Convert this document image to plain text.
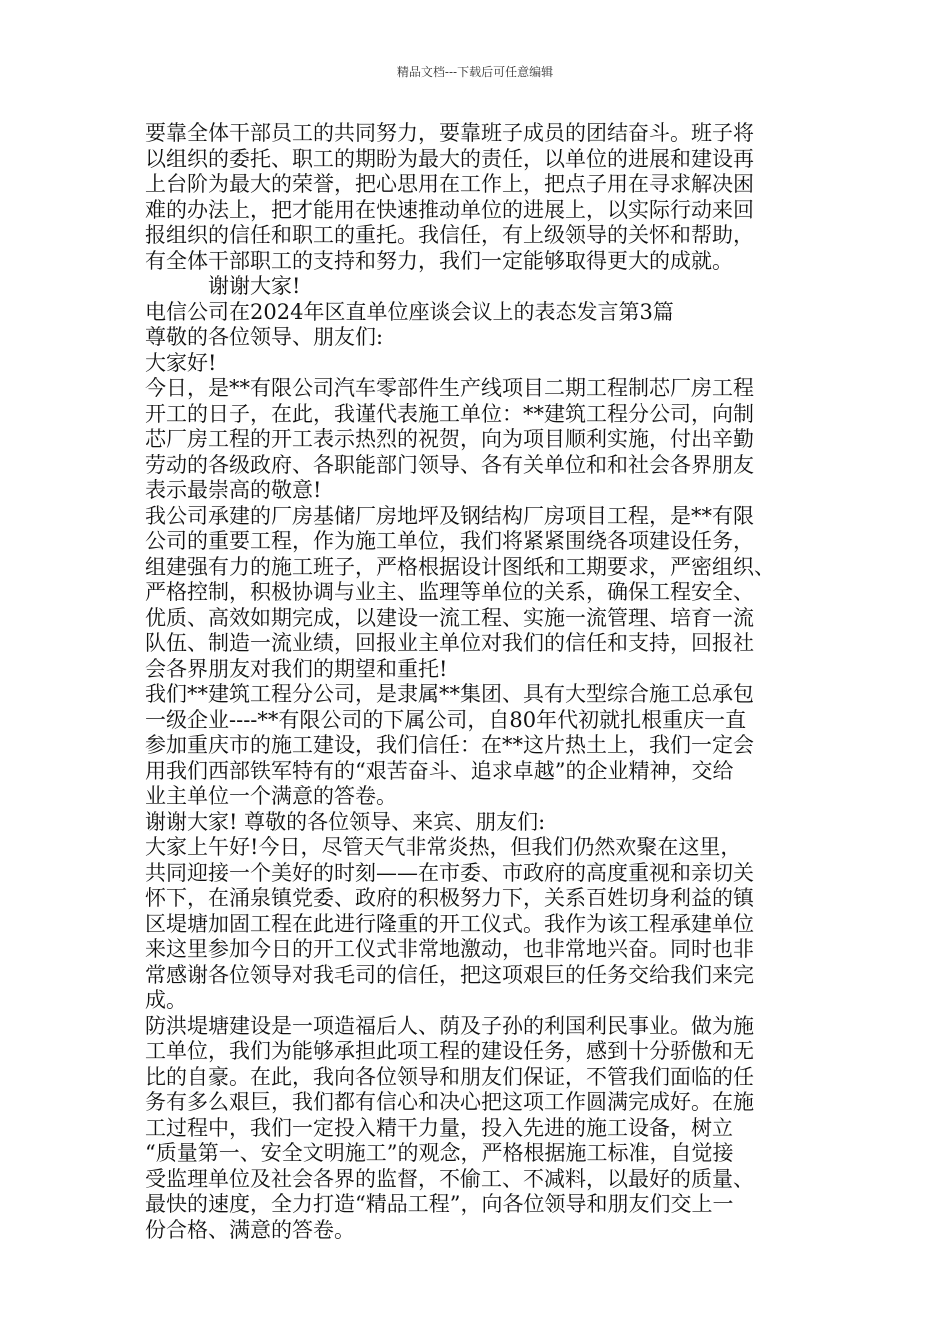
精品文档---下载后可任意编辑
要靠全体干部员工的共同努力，要靠班子成员的团结奋斗。班子将
以组织的委托、职工的期盼为最大的责任，以单位的进展和建设再
上台阶为最大的荣誉，把心思用在工作上，把点子用在寻求解决困
难的办法上，把才能用在快速推动单位的进展上，以实际行动来回
报组织的信任和职工的重托。我信任，有上级领导的关怀和帮助，
有全体干部职工的支持和努力，我们一定能够取得更大的成就。
　　　谢谢大家!
电信公司在2024年区直单位座谈会议上的表态发言第3篇
尊敬的各位领导、朋友们:
大家好!
今日，是**有限公司汽车零部件生产线项目二期工程制芯厂房工程
开工的日子，在此，我谨代表施工单位：**建筑工程分公司，向制
芯厂房工程的开工表示热烈的祝贺，向为项目顺利实施，付出辛勤
劳动的各级政府、各职能部门领导、各有关单位和和社会各界朋友
表示最崇高的敬意!
我公司承建的厂房基储厂房地坪及钢结构厂房项目工程，是**有限
公司的重要工程，作为施工单位，我们将紧紧围绕各项建设任务，
组建强有力的施工班子，严格根据设计图纸和工期要求，严密组织、
严格控制，积极协调与业主、监理等单位的关系，确保工程安全、
优质、高效如期完成，以建设一流工程、实施一流管理、培育一流
队伍、制造一流业绩，回报业主单位对我们的信任和支持，回报社
会各界朋友对我们的期望和重托!
我们**建筑工程分公司，是隶属**集团、具有大型综合施工总承包
一级企业----**有限公司的下属公司，自80年代初就扎根重庆一直
参加重庆市的施工建设，我们信任：在**这片热土上，我们一定会
用我们西部铁军特有的“艰苦奋斗、追求卓越”的企业精神，交给
业主单位一个满意的答卷。
谢谢大家! 尊敬的各位领导、来宾、朋友们:
大家上午好!今日，尽管天气非常炎热，但我们仍然欢聚在这里，
共同迎接一个美好的时刻——在市委、市政府的高度重视和亲切关
怀下，在涌泉镇党委、政府的积极努力下，关系百姓切身利益的镇
区堤塘加固工程在此进行隆重的开工仪式。我作为该工程承建单位
来这里参加今日的开工仪式非常地激动，也非常地兴奋。同时也非
常感谢各位领导对我毛司的信任，把这项艰巨的任务交给我们来完
成。
防洪堤塘建设是一项造福后人、荫及子孙的利国利民事业。做为施
工单位，我们为能够承担此项工程的建设任务，感到十分骄傲和无
比的自豪。在此，我向各位领导和朋友们保证，不管我们面临的任
务有多么艰巨，我们都有信心和决心把这项工作圆满完成好。在施
工过程中，我们一定投入精干力量，投入先进的施工设备，树立
“质量第一、安全文明施工”的观念，严格根据施工标准，自觉接
受监理单位及社会各界的监督，不偷工、不减料，以最好的质量、
最快的速度，全力打造“精品工程”，向各位领导和朋友们交上一
份合格、满意的答卷。
